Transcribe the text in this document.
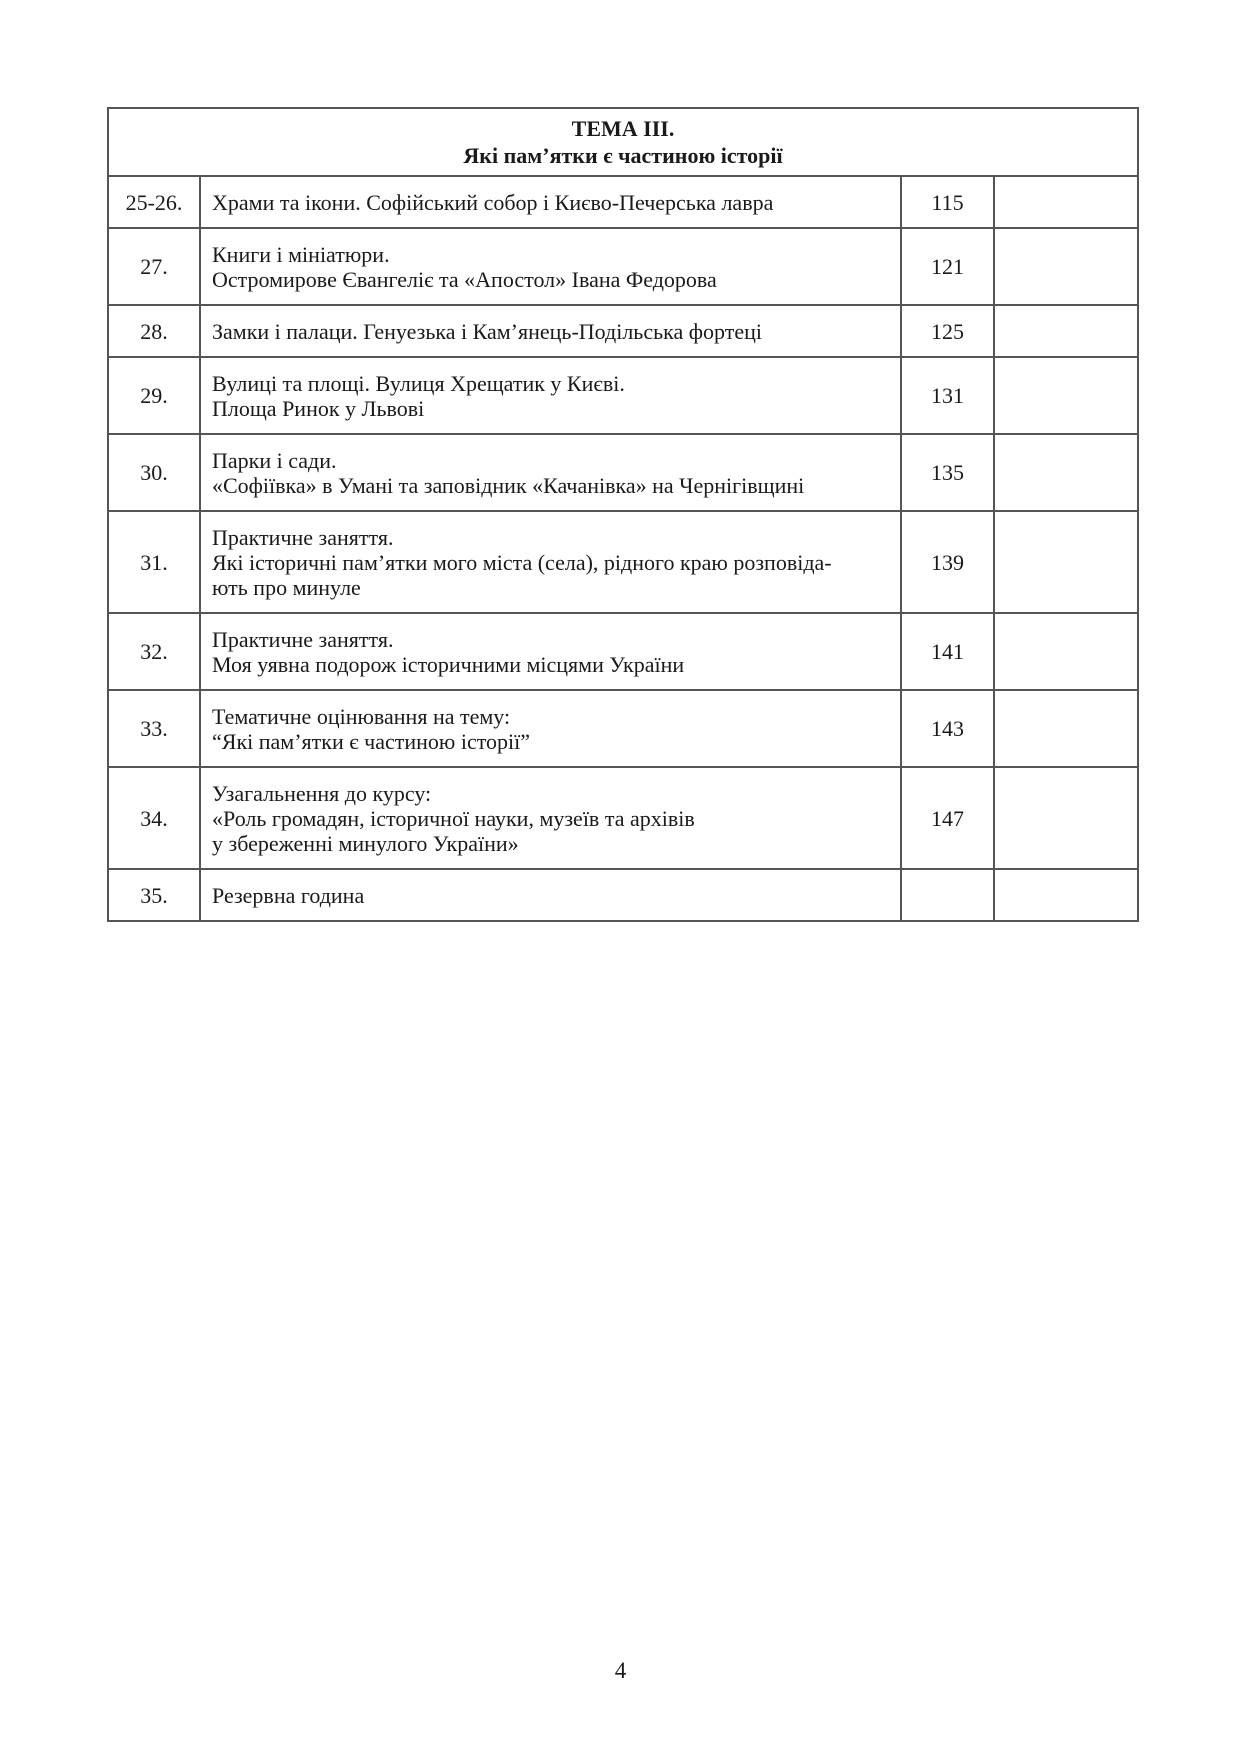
ТЕМА ІІІ.
Які пам’ятки є частиною історії			

25-26.	Храми та ікони. Софійський собор і Києво-Печерська лавра	115	
27.	Книги і мініатюри.
Остромирове Євангеліє та «Апостол» Івана Федорова	121	
28.	Замки і палаци. Генуезька і Кам’янець-Подільська фортеці	125	
29.	Вулиці та площі. Вулиця Хрещатик у Києві.
Площа Ринок у Львові	131	
30.	Парки і сади.
«Софіївка» в Умані та заповідник «Качанівка» на Чернігівщині	135	
31.	Практичне заняття.
Які історичні пам’ятки мого міста (села), рідного краю розповіда-
ють про минуле	139	
32.	Практичне заняття.
Моя уявна подорож історичними місцями України	141	
33.	Тематичне оцінювання на тему:
“Які пам’ятки є частиною історії”	143	
34.	Узагальнення до курсу:
«Роль громадян, історичної науки, музеїв та архівів
у збереженні минулого України»	147	
35.	Резервна година		

4
